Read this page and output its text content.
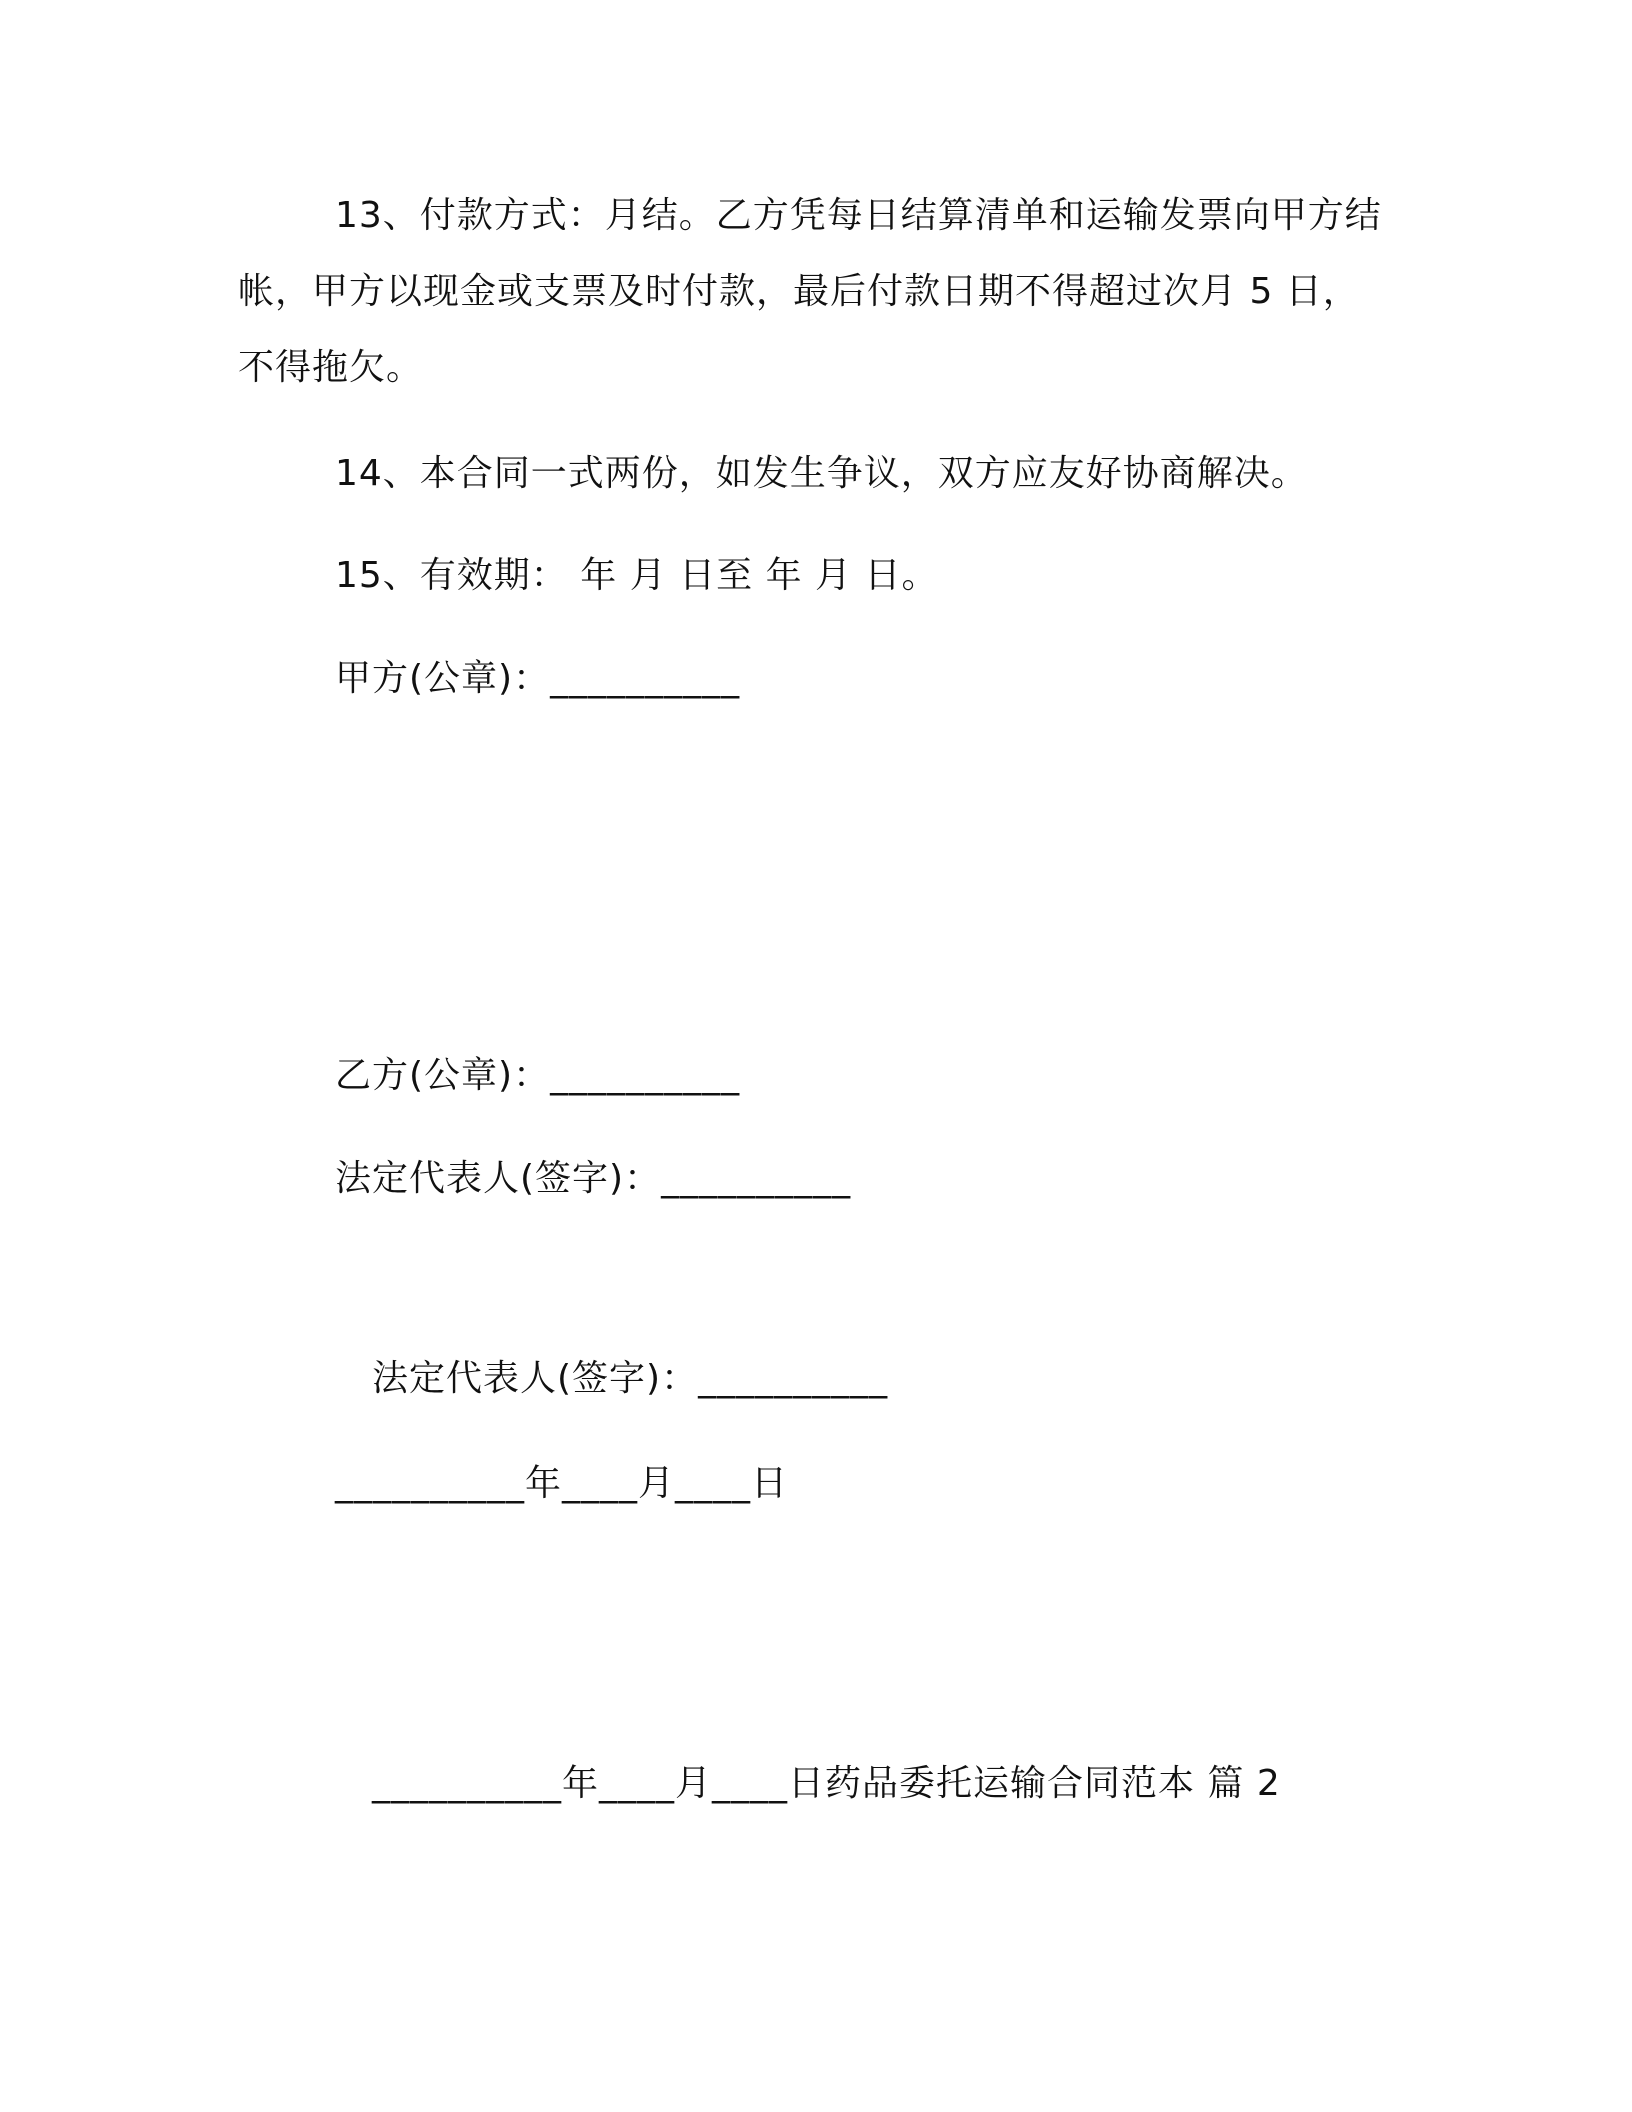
13、付款方式：月结。乙方凭每日结算清单和运输发票向甲方结
帐，甲方以现金或支票及时付款，最后付款日期不得超过次月 5 日，
不得拖欠。
14、本合同一式两份，如发生争议，双方应友好协商解决。
15、有效期： 年 月 日至 年 月 日。
甲方(公章)：__________
乙方(公章)：__________
法定代表人(签字)：__________
法定代表人(签字)：__________
__________年____月____日
__________年____月____日药品委托运输合同范本 篇 2
